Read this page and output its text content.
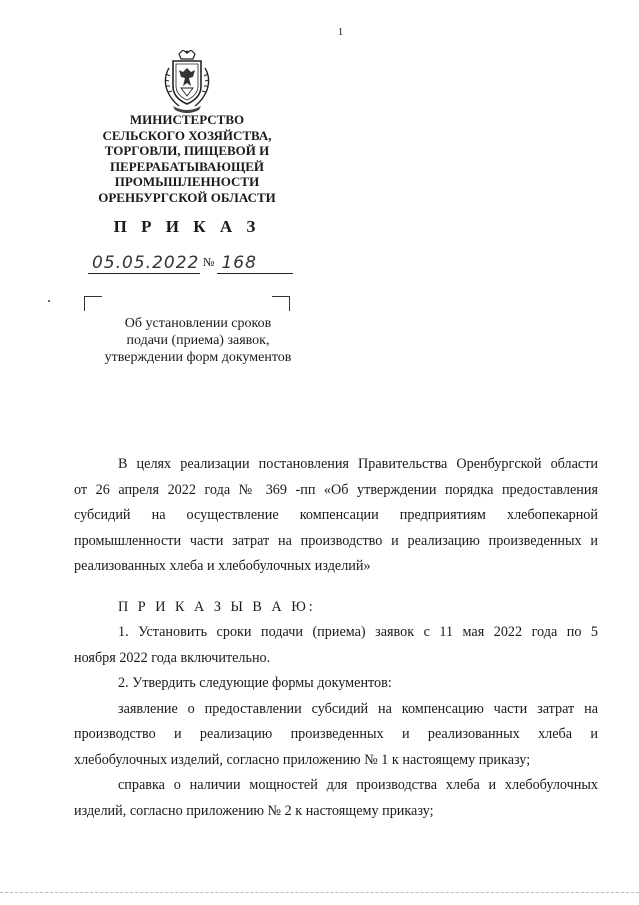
1
МИНИСТЕРСТВО
СЕЛЬСКОГО ХОЗЯЙСТВА,
ТОРГОВЛИ, ПИЩЕВОЙ И
ПЕРЕРАБАТЫВАЮЩЕЙ
ПРОМЫШЛЕННОСТИ
ОРЕНБУРГСКОЙ ОБЛАСТИ
П Р И К А З
05.05.2022 № 168
Об установлении сроков
подачи (приема) заявок,
утверждении форм документов
В целях реализации постановления Правительства Оренбургской области
от 26 апреля 2022 года № 369 -пп «Об утверждении порядка предоставления
субсидий на осуществление компенсации предприятиям хлебопекарной
промышленности части затрат на производство и реализацию произведенных и
реализованных хлеба и хлебобулочных изделий»
П Р И К А З Ы В А Ю:
1. Установить сроки подачи (приема) заявок с 11 мая 2022 года по 5
ноября 2022 года включительно.
2. Утвердить следующие формы документов:
заявление о предоставлении субсидий на компенсацию части затрат на
производство и реализацию произведенных и реализованных хлеба и
хлебобулочных изделий, согласно приложению № 1 к настоящему приказу;
справка о наличии мощностей для производства хлеба и хлебобулочных
изделий, согласно приложению № 2 к настоящему приказу;
